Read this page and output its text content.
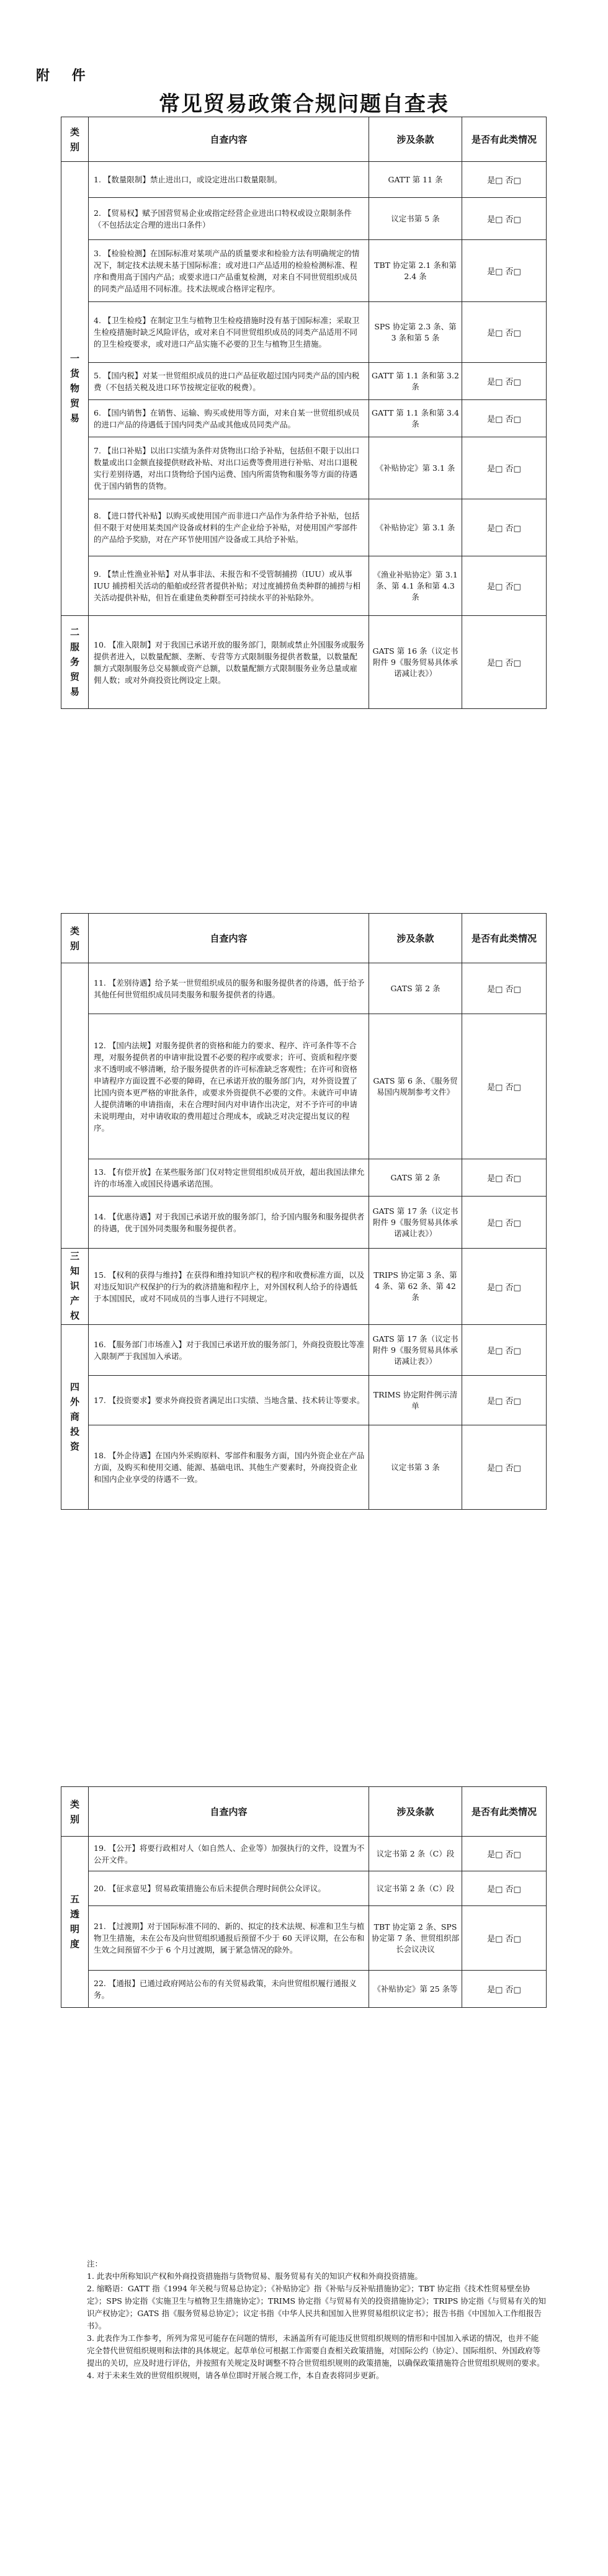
附 件
常见贸易政策合规问题自查表
类别	自查内容	涉及条款	是否有此类情况
一货物贸易	1. 【数量限制】禁止进出口，或设定进出口数量限制。	GATT 第 11 条	是□ 否□
	2. 【贸易权】赋予国营贸易企业或指定经营企业进出口特权或设立限制条件（不包括法定合理的进出口条件）	议定书第 5 条	是□ 否□
	3. 【检验检测】在国际标准对某项产品的质量要求和检验方法有明确规定的情况下，制定技术法规未基于国际标准；或对进口产品适用的检验检测标准、程序和费用高于国内产品；或要求进口产品重复检测，对来自不同世贸组织成员的同类产品适用不同标准。技术法规或合格评定程序。	TBT 协定第 2.1 条和第 2.4 条	是□ 否□
	4. 【卫生检疫】在制定卫生与植物卫生检疫措施时没有基于国际标准；采取卫生检疫措施时缺乏风险评估，或对来自不同世贸组织成员的同类产品适用不同的卫生检疫要求，或对进口产品实施不必要的卫生与植物卫生措施。	SPS 协定第 2.3 条、第 3 条和第 5 条	是□ 否□
	5. 【国内税】对某一世贸组织成员的进口产品征收超过国内同类产品的国内税费（不包括关税及进口环节按规定征收的税费）。	GATT 第 1.1 条和第 3.2 条	是□ 否□
	6. 【国内销售】在销售、运输、购买或使用等方面，对来自某一世贸组织成员的进口产品的待遇低于国内同类产品或其他成员同类产品。	GATT 第 1.1 条和第 3.4 条	是□ 否□
	7. 【出口补贴】以出口实绩为条件对货物出口给予补贴，包括但不限于以出口数量或出口金额直接提供财政补贴、对出口运费等费用进行补贴、对出口退税实行差别待遇，对出口货物给予国内运费、国内所需货物和服务等方面的待遇优于国内销售的货物。	《补贴协定》第 3.1 条	是□ 否□
	8. 【进口替代补贴】以购买或使用国产而非进口产品作为条件给予补贴，包括但不限于对使用某类国产设备或材料的生产企业给予补贴，对使用国产零部件的产品给予奖励，对在产环节使用国产设备或工具给予补贴。	《补贴协定》第 3.1 条	是□ 否□
	9. 【禁止性渔业补贴】对从事非法、未报告和不受管制捕捞（IUU）或从事 IUU 捕捞相关活动的船舶或经营者提供补贴；对过度捕捞鱼类种群的捕捞与相关活动提供补贴，但旨在重建鱼类种群至可持续水平的补贴除外。	《渔业补贴协定》第 3.1 条、第 4.1 条和第 4.3 条	是□ 否□
二服务贸易	10. 【准入限制】对于我国已承诺开放的服务部门，限制或禁止外国服务或服务提供者进入，以数量配额、垄断、专营等方式限制服务提供者数量，以数量配额方式限制服务总交易额或资产总额，以数量配额方式限制服务业务总量或雇佣人数；或对外商投资比例设定上限。	GATS 第 16 条（议定书附件 9《服务贸易具体承诺减让表》）	是□ 否□
类别	自查内容	涉及条款	是否有此类情况
	11. 【差别待遇】给予某一世贸组织成员的服务和服务提供者的待遇，低于给予其他任何世贸组织成员同类服务和服务提供者的待遇。	GATS 第 2 条	是□ 否□
	12. 【国内法规】对服务提供者的资格和能力的要求、程序、许可条件等不合理，对服务提供者的申请审批设置不必要的程序或要求；许可、资质和程序要求不透明或不够清晰，给予服务提供者的许可标准缺乏客观性；在许可和资格申请程序方面设置不必要的障碍，在已承诺开放的服务部门内，对外资设置了比国内资本更严格的审批条件，或要求外资提供不必要的文件。未就许可申请人提供清晰的申请指南，未在合理时间内对申请作出决定，对不予许可的申请未说明理由，对申请收取的费用超过合理成本，或缺乏对决定提出复议的程序。	GATS 第 6 条、《服务贸易国内规制参考文件》	是□ 否□
	13. 【有偿开放】在某些服务部门仅对特定世贸组织成员开放，超出我国法律允许的市场准入或国民待遇承诺范围。	GATS 第 2 条	是□ 否□
	14. 【优惠待遇】对于我国已承诺开放的服务部门，给予国内服务和服务提供者的待遇，优于国外同类服务和服务提供者。	GATS 第 17 条（议定书附件 9《服务贸易具体承诺减让表》）	是□ 否□
三知识产权	15. 【权利的获得与维持】在获得和维持知识产权的程序和收费标准方面，以及对违反知识产权保护的行为的救济措施和程序上，对外国权利人给予的待遇低于本国国民，或对不同成员的当事人进行不同规定。	TRIPS 协定第 3 条、第 4 条、第 62 条、第 42 条	是□ 否□
四外商投资	16. 【服务部门市场准入】对于我国已承诺开放的服务部门，外商投资股比等准入限制严于我国加入承诺。	GATS 第 17 条（议定书附件 9《服务贸易具体承诺减让表》）	是□ 否□
	17. 【投资要求】要求外商投资者满足出口实绩、当地含量、技术转让等要求。	TRIMS 协定附件例示清单	是□ 否□
	18. 【外企待遇】在国内外采购原料、零部件和服务方面，国内外资企业在产品方面，及购买和使用交通、能源、基础电讯、其他生产要素时，外商投资企业和国内企业享受的待遇不一致。	议定书第 3 条	是□ 否□
类别	自查内容	涉及条款	是否有此类情况
五透明度	19. 【公开】将要行政相对人（如自然人、企业等）加强执行的文件，设置为不公开文件。	议定书第 2 条（C）段	是□ 否□
	20. 【征求意见】贸易政策措施公布后未提供合理时间供公众评议。	议定书第 2 条（C）段	是□ 否□
	21. 【过渡期】对于国际标准不同的、新的、拟定的技术法规、标准和卫生与植物卫生措施，未在公布及向世贸组织通报后预留不少于 60 天评议期，在公布和生效之间预留不少于 6 个月过渡期，属于紧急情况的除外。	TBT 协定第 2 条、SPS 协定第 7 条、世贸组织部长会议决议	是□ 否□
	22. 【通报】已通过政府网站公布的有关贸易政策，未向世贸组织履行通报义务。	《补贴协定》第 25 条等	是□ 否□
注：
1. 此表中所称知识产权和外商投资措施指与货物贸易、服务贸易有关的知识产权和外商投资措施。
2. 缩略语：GATT 指《1994 年关税与贸易总协定》；《补贴协定》指《补贴与反补贴措施协定》；TBT 协定指《技术性贸易壁垒协定》；SPS 协定指《实施卫生与植物卫生措施协定》；TRIMS 协定指《与贸易有关的投资措施协定》；TRIPS 协定指《与贸易有关的知识产权协定》；GATS 指《服务贸易总协定》；议定书指《中华人民共和国加入世界贸易组织议定书》；报告书指《中国加入工作组报告书》。
3. 此表作为工作参考，所列为常见可能存在问题的情形，未涵盖所有可能违反世贸组织规则的情形和中国加入承诺的情况，也并不能完全替代世贸组织规则和法律的具体规定。起草单位可根据工作需要自查相关政策措施，对国际公约（协定）、国际组织、外国政府等提出的关切，应及时进行评估，并按照有关规定及时调整不符合世贸组织规则的政策措施，以确保政策措施符合世贸组织规则的要求。
4. 对于未来生效的世贸组织规则，请各单位即时开展合规工作，本自查表将同步更新。
